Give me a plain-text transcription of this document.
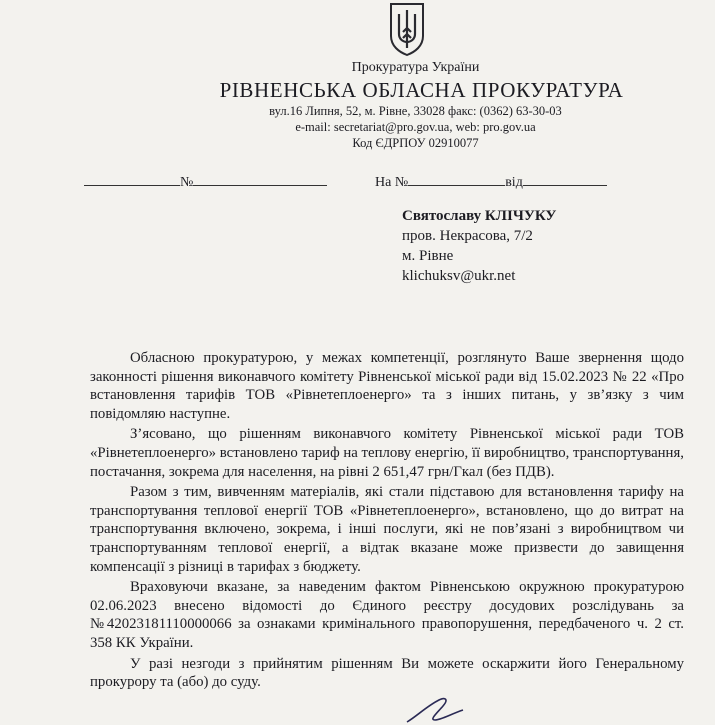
Прокуратура України
РІВНЕНСЬКА ОБЛАСНА ПРОКУРАТУРА
вул.16 Липня, 52, м. Рівне, 33028 факс: (0362) 63-30-03
e-mail: secretariat@pro.gov.ua, web: pro.gov.ua
Код ЄДРПОУ 02910077
№	На №	від
Святославу КЛІЧУКУ
пров. Некрасова, 7/2
м. Рівне
klichuksv@ukr.net

Обласною прокуратурою, у межах компетенції, розглянуто Ваше звернення щодо законності рішення виконавчого комітету Рівненської міської ради від 15.02.2023 № 22 «Про встановлення тарифів ТОВ «Рівнетеплоенерго» та з інших питань, у зв’язку з чим повідомляю наступне.

З’ясовано, що рішенням виконавчого комітету Рівненської міської ради ТОВ «Рівнетеплоенерго» встановлено тариф на теплову енергію, її виробництво, транспортування, постачання, зокрема для населення, на рівні 2 651,47 грн/Гкал (без ПДВ).

Разом з тим, вивченням матеріалів, які стали підставою для встановлення тарифу на транспортування теплової енергії ТОВ «Рівнетеплоенерго», встановлено, що до витрат на транспортування включено, зокрема, і інші послуги, які не пов’язані з виробництвом чи транспортуванням теплової енергії, а відтак вказане може призвести до завищення компенсації з різниці в тарифах з бюджету.

Враховуючи вказане, за наведеним фактом Рівненською окружною прокуратурою 02.06.2023 внесено відомості до Єдиного реєстру досудових розслідувань за №42023181110000066 за ознаками кримінального правопорушення, передбаченого ч. 2 ст. 358 КК України.

У разі незгоди з прийнятим рішенням Ви можете оскаржити його Генеральному прокурору та (або) до суду.
